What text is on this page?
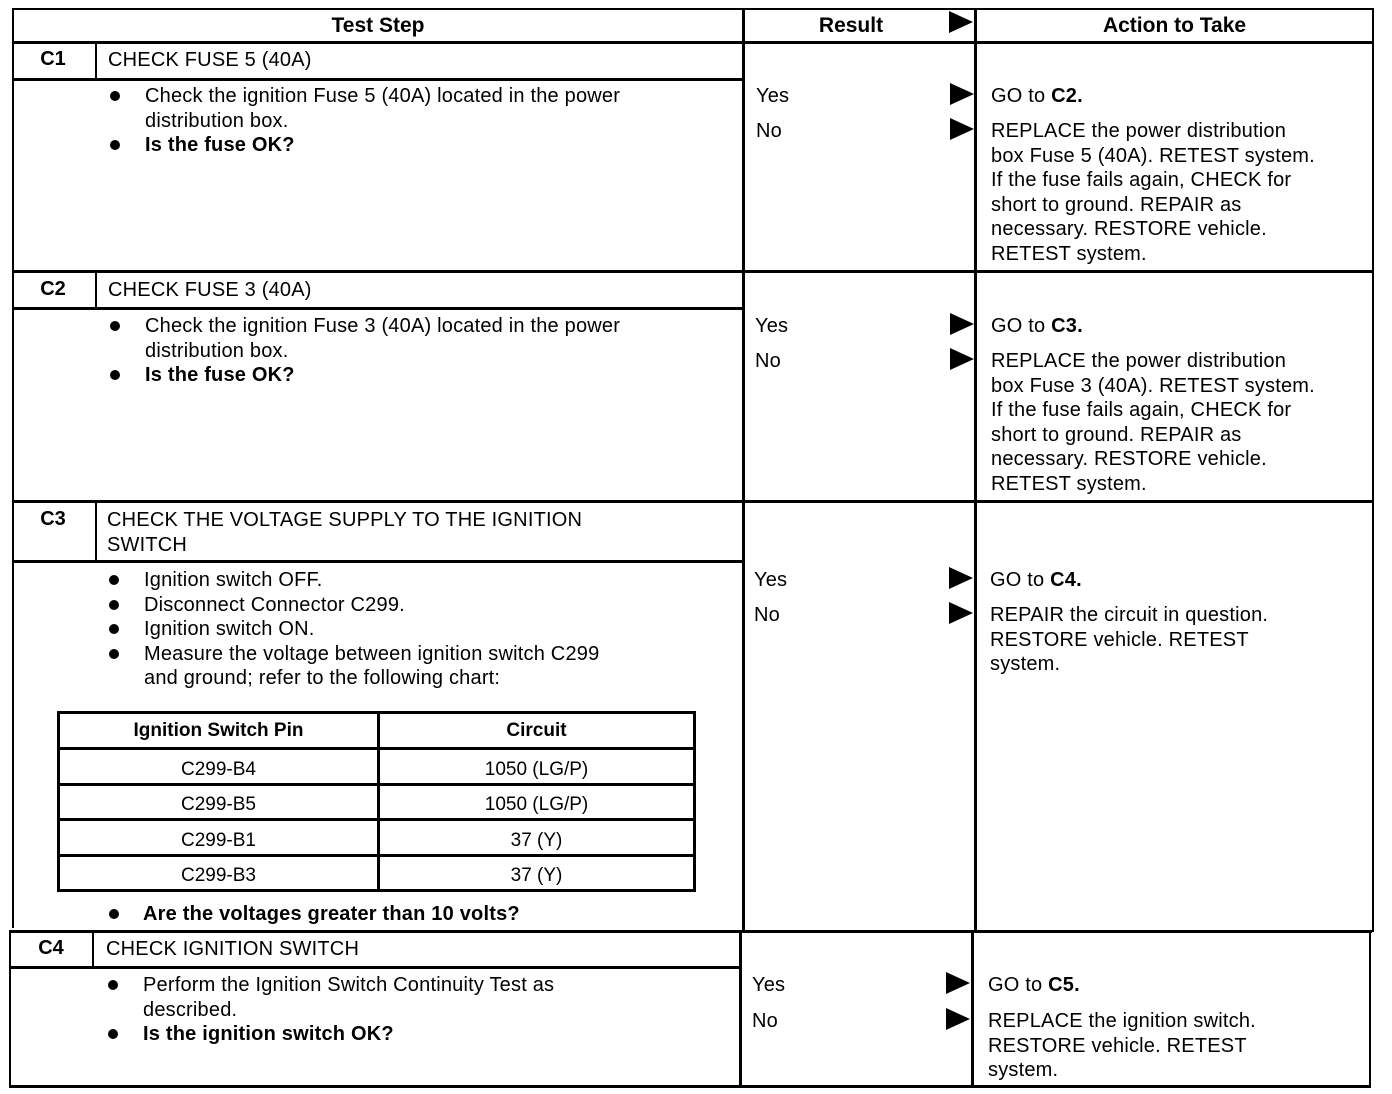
Test Step	Result	Action to Take
C1	CHECK FUSE 5 (40A)
Check the ignition Fuse 5 (40A) located in the power
distribution box.
Is the fuse OK?
Yes	GO to C2.
No	REPLACE the power distribution
box Fuse 5 (40A). RETEST system.
If the fuse fails again, CHECK for
short to ground. REPAIR as
necessary. RESTORE vehicle.
RETEST system.
C2	CHECK FUSE 3 (40A)
Check the ignition Fuse 3 (40A) located in the power
distribution box.
Is the fuse OK?
Yes	GO to C3.
No	REPLACE the power distribution
box Fuse 3 (40A). RETEST system.
If the fuse fails again, CHECK for
short to ground. REPAIR as
necessary. RESTORE vehicle.
RETEST system.
C3	CHECK THE VOLTAGE SUPPLY TO THE IGNITION
SWITCH
Ignition switch OFF.
Disconnect Connector C299.
Ignition switch ON.
Measure the voltage between ignition switch C299
and ground; refer to the following chart:
Ignition Switch Pin	Circuit
C299-B4	1050 (LG/P)
C299-B5	1050 (LG/P)
C299-B1	37 (Y)
C299-B3	37 (Y)
Are the voltages greater than 10 volts?
Yes	GO to C4.
No	REPAIR the circuit in question.
RESTORE vehicle. RETEST
system.
C4	CHECK IGNITION SWITCH
Perform the Ignition Switch Continuity Test as
described.
Is the ignition switch OK?
Yes	GO to C5.
No	REPLACE the ignition switch.
RESTORE vehicle. RETEST
system.
